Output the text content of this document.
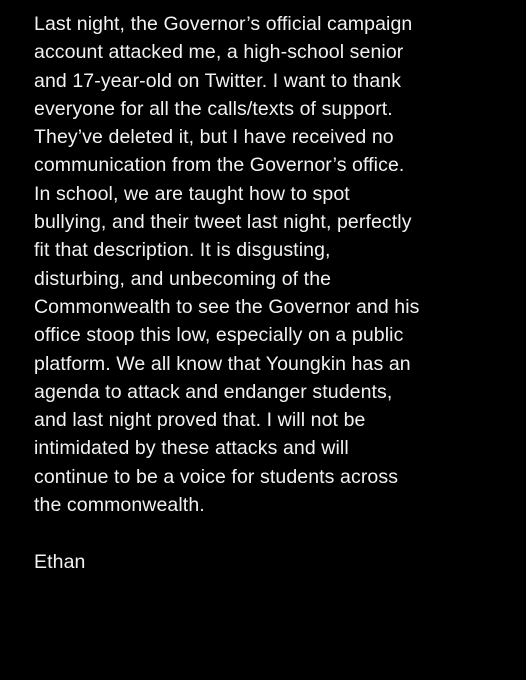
Last night, the Governor’s official campaign
account attacked me, a high-school senior
and 17-year-old on Twitter. I want to thank
everyone for all the calls/texts of support.
They’ve deleted it, but I have received no
communication from the Governor’s office.
In school, we are taught how to spot
bullying, and their tweet last night, perfectly
fit that description. It is disgusting,
disturbing, and unbecoming of the
Commonwealth to see the Governor and his
office stoop this low, especially on a public
platform. We all know that Youngkin has an
agenda to attack and endanger students,
and last night proved that. I will not be
intimidated by these attacks and will
continue to be a voice for students across
the commonwealth.
Ethan
